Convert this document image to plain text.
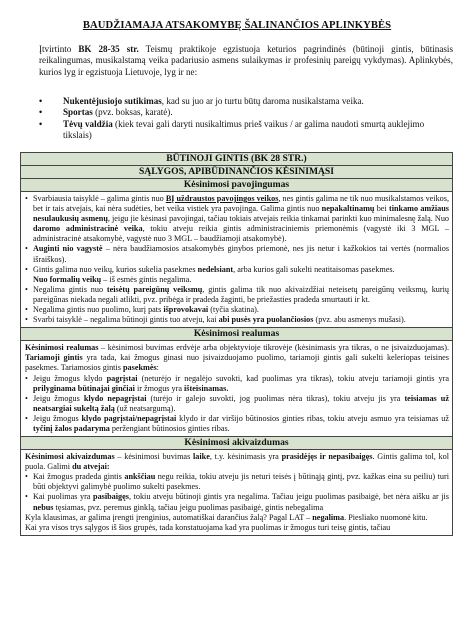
BAUDŽIAMAJA ATSAKOMYBĘ ŠALINANČIOS APLINKYBĖS

Įtvirtinto BK 28-35 str. Teismų praktikoje egzistuoja keturios pagrindinės (būtinoji gintis, būtinasis reikalingumas, musikalstamą veika padariusio asmens sulaikymas ir profesinių pareigų vykdymas). Aplinkybės, kurios lyg ir egzistuoja Lietuvoje, lyg ir ne:

• Nukentėjusiojo sutikimas, kad su juo ar jo turtu būtų daroma nusikalstama veika.
• Sportas (pvz. boksas, karatė).
• Tėvų valdžia (kiek tevai gali daryti nusikaltimus prieš vaikus / ar galima naudoti smurtą auklejimo tikslais)
BŪTINOJI GINTIS (BK 28 STR.)
SĄLYGOS, APIBŪDINANČIOS KĖSINIMĄSI
Kėsinimosi pavojingumas
• Svarbiausia taisyklė – galima gintis nuo BĮ uždraustos pavojingos veikos, nes gintis galima ne tik nuo musikalstamos veikos, bet ir tais atvejais, kai nėra sudėties, bet veika vistiek yra pavojinga. Galima gintis nuo nepakaltinamų bei tinkamo amžiaus nesulaukusių asmenų, jeigu jie kėsinasi pavojingai, tačiau tokiais atvejais reikia tinkamai parinkti kuo minimalesnę žalą. Nuo daromo administracinė veika, tokiu atveju reikia gintis administraciniemis priemonėmis (vagystė iki 3 MGL – administracinė atsakomybė, vagystė nuo 3 MGL – baudžiamoji atsakomybė).
• Auginti nio vagystė – nėra baudžiamosios atsakomybės ginybos priemonė, nes jis netur i kažkokios tai vertės (normalios išraiškos).
• Gintis galima nuo veikų, kurios sukelia pasekmes nedelsiant, arba kurios gali sukelti neatitaisomas pasekmes.
Nuo formalių veikų – iš esmės gintis negalima.
• Negalima gintis nuo teisėtų pareigūnų veiksmų, gintis galima tik nuo akivaizdžiai neteisetų pareigūnų veiksmų, kurių pareigūnas niekada negali atlikti, pvz. pribėga ir pradeda žaginti, be priežasties pradeda smurtauti ir kt.
• Negalima gintis nuo puolimo, kurį pats išprovokavai (tyčia skatina).
• Svarbi taisyklė – negalima būtinoji gintis tuo atveju, kai abi pusės yra puolančiosios (pvz. abu asmenys mušasi).
Kėsinimosi realumas

Kėsinimosi realumas – kėsinimosi buvimas erdvėje arba objektyvioje tikrovėje (kėsinimasis yra tikras, o ne įsivaizduojamas). Tariamoji gintis yra tada, kai žmogus ginasi nuo įsivaizduojamo puolimo, tariamoji gintis gali sukelti keleriopas teisines pasekmes. Tariamosios gintis pasekmės:

• Jeigu žmogus klydo pagrįstai (neturėjo ir negalėjo suvokti, kad puolimas yra tikras), tokiu atveju tariamoji gintis yra prilyginama būtinajai ginčiai ir žmogus yra išteisinamas.
• Jeigu žmogus klydo nepagrįstai (turėjo ir galejo suvokti, jog puolimas nėra tikras), tokiu atveju jis yra teisiamas už neatsargiai sukeltą žalą (už neatsargumą).
• Jeigu žmogus klydo pagrįstai/nepagrįstai klydo ir dar viršijo būtinosios ginties ribas, tokiu atveju asmuo yra teisiamas už tyčinį žalos padaryma peržengiant būtinosios ginties ribas.
Kėsinimosi akivaizdumas

Kėsinimosi akivaizdumas – kėsinimosi buvimas laike, t.y. kėsinimasis yra prasidėjęs ir nepasibaigęs. Gintis galima tol, kol puola. Galimi du atvejai:

• Kai žmogus pradeda gintis ankščiau negu reikia, tokiu atveju jis neturi teisės į būtinąją gintį, pvz. kažkas eina su peiliu) turi būti objektyvi galimybė puolimo sukelti pasekmes.
• Kai puolimas yra pasibaigęs, tokiu atveju būtinoji gintis yra negalima. Tačiau jeigu puolimas pasibaigė, bet nėra aišku ar jis nebus tęsiamas, pvz. peremus ginklą, tačiau jeigu puolimas pasibaigė, gintis nebegalima

Kyla klausimas, ar galima įrengti įrenginius, automatiškai darančius žalą? Pagal LAT – negalima. Piesliako nuomonė kitu.

Kai yra visos trys sąlygos iš šios grupės, tada konstatuojama kad yra puolimas ir žmogus turi teisę gintis, tačiau
